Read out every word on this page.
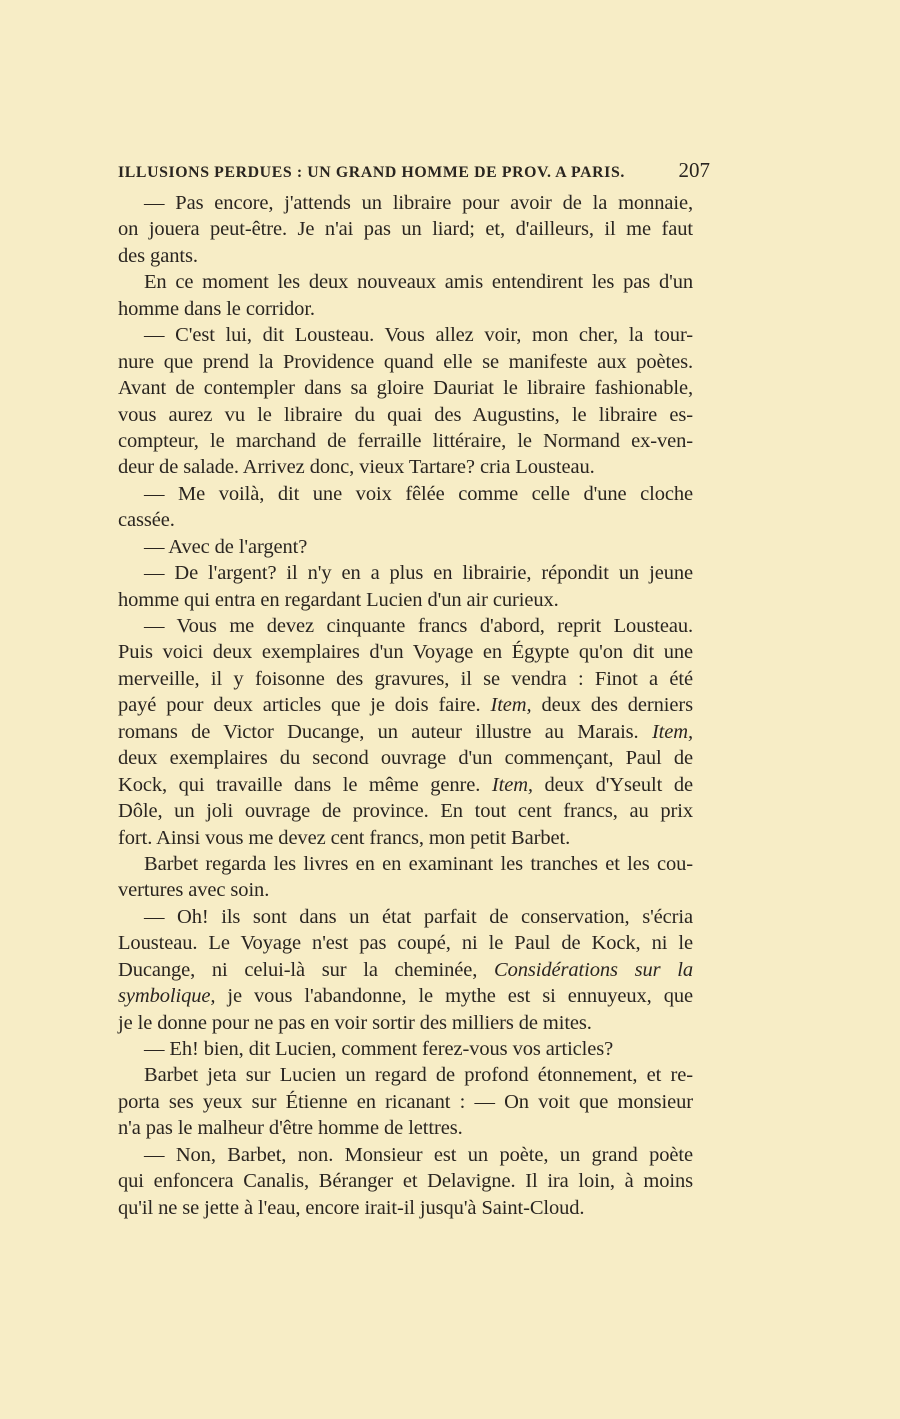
ILLUSIONS PERDUES : UN GRAND HOMME DE PROV. A PARIS.	207
— Pas encore, j'attends un libraire pour avoir de la monnaie,
on jouera peut-être. Je n'ai pas un liard; et, d'ailleurs, il me faut
des gants.
En ce moment les deux nouveaux amis entendirent les pas d'un
homme dans le corridor.
— C'est lui, dit Lousteau. Vous allez voir, mon cher, la tour-
nure que prend la Providence quand elle se manifeste aux poètes.
Avant de contempler dans sa gloire Dauriat le libraire fashionable,
vous aurez vu le libraire du quai des Augustins, le libraire es-
compteur, le marchand de ferraille littéraire, le Normand ex-ven-
deur de salade. Arrivez donc, vieux Tartare? cria Lousteau.
— Me voilà, dit une voix fêlée comme celle d'une cloche
cassée.
— Avec de l'argent?
— De l'argent? il n'y en a plus en librairie, répondit un jeune
homme qui entra en regardant Lucien d'un air curieux.
— Vous me devez cinquante francs d'abord, reprit Lousteau.
Puis voici deux exemplaires d'un Voyage en Égypte qu'on dit une
merveille, il y foisonne des gravures, il se vendra : Finot a été
payé pour deux articles que je dois faire. Item, deux des derniers
romans de Victor Ducange, un auteur illustre au Marais. Item,
deux exemplaires du second ouvrage d'un commençant, Paul de
Kock, qui travaille dans le même genre. Item, deux d'Yseult de
Dôle, un joli ouvrage de province. En tout cent francs, au prix
fort. Ainsi vous me devez cent francs, mon petit Barbet.
Barbet regarda les livres en en examinant les tranches et les cou-
vertures avec soin.
— Oh! ils sont dans un état parfait de conservation, s'écria
Lousteau. Le Voyage n'est pas coupé, ni le Paul de Kock, ni le
Ducange, ni celui-là sur la cheminée, Considérations sur la
symbolique, je vous l'abandonne, le mythe est si ennuyeux, que
je le donne pour ne pas en voir sortir des milliers de mites.
— Eh! bien, dit Lucien, comment ferez-vous vos articles?
Barbet jeta sur Lucien un regard de profond étonnement, et re-
porta ses yeux sur Étienne en ricanant : — On voit que monsieur
n'a pas le malheur d'être homme de lettres.
— Non, Barbet, non. Monsieur est un poète, un grand poète
qui enfoncera Canalis, Béranger et Delavigne. Il ira loin, à moins
qu'il ne se jette à l'eau, encore irait-il jusqu'à Saint-Cloud.
